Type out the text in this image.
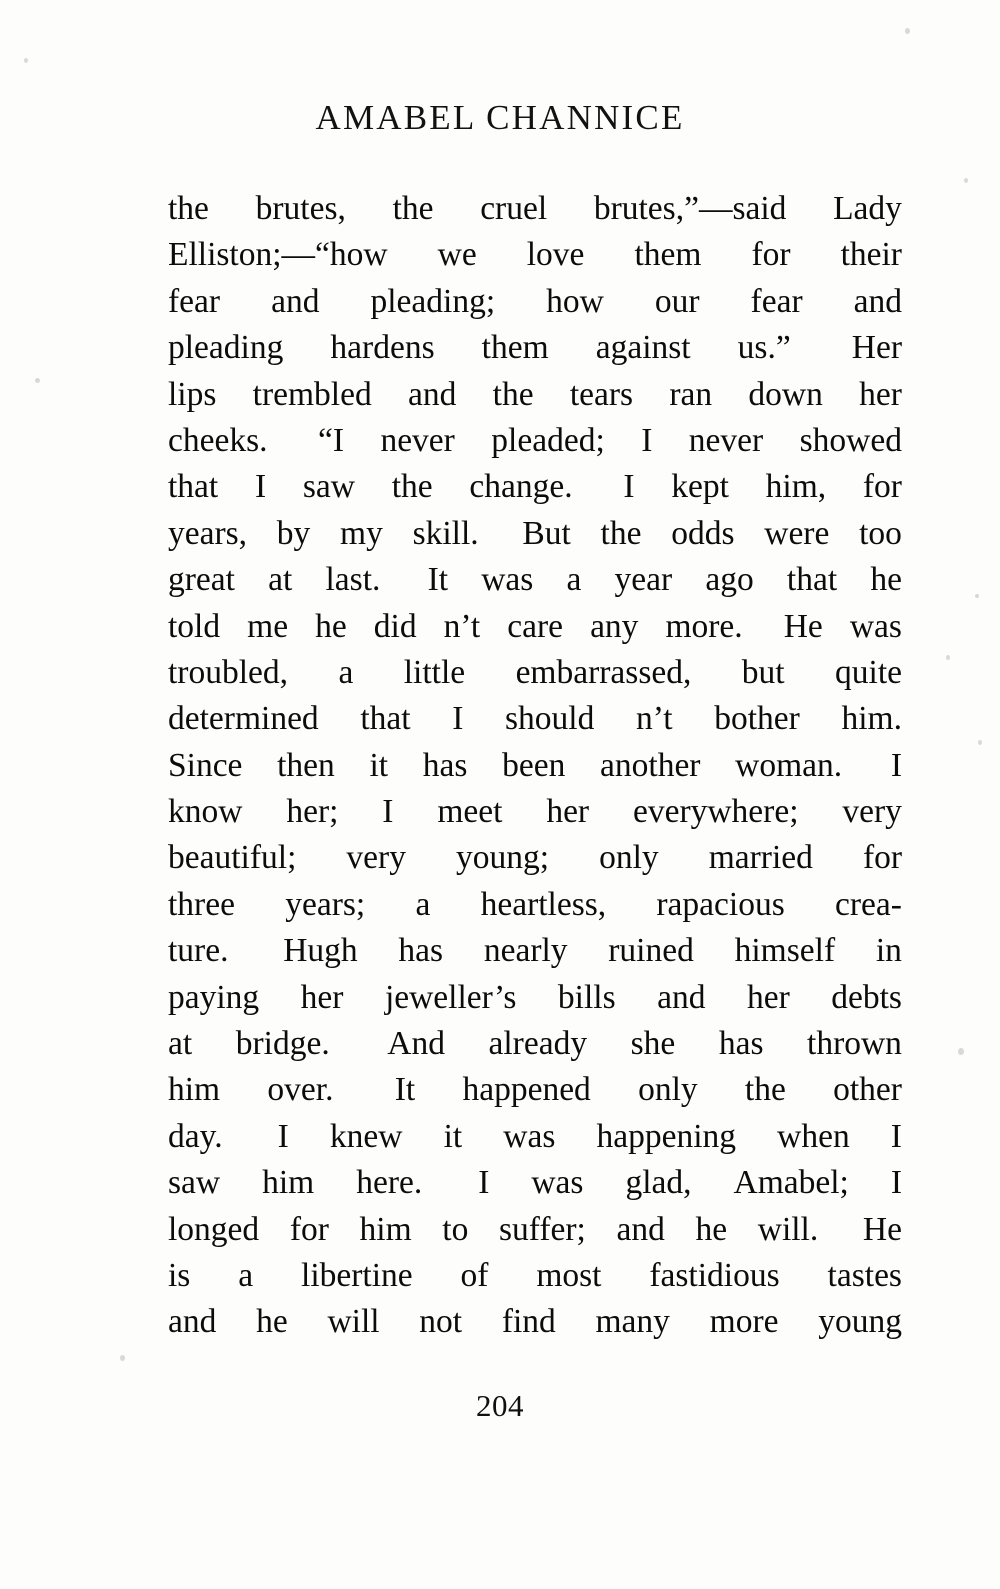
AMABEL CHANNICE
the brutes, the cruel brutes,”—said Lady
Elliston;—“how we love them for their
fear and pleading; how our fear and
pleading hardens them against us.” Her
lips trembled and the tears ran down her
cheeks. “I never pleaded; I never showed
that I saw the change. I kept him, for
years, by my skill. But the odds were too
great at last. It was a year ago that he
told me he did n’t care any more. He was
troubled, a little embarrassed, but quite
determined that I should n’t bother him.
Since then it has been another woman. I
know her; I meet her everywhere; very
beautiful; very young; only married for
three years; a heartless, rapacious crea-
ture. Hugh has nearly ruined himself in
paying her jeweller’s bills and her debts
at bridge. And already she has thrown
him over. It happened only the other
day. I knew it was happening when I
saw him here. I was glad, Amabel; I
longed for him to suffer; and he will. He
is a libertine of most fastidious tastes
and he will not find many more young
204
